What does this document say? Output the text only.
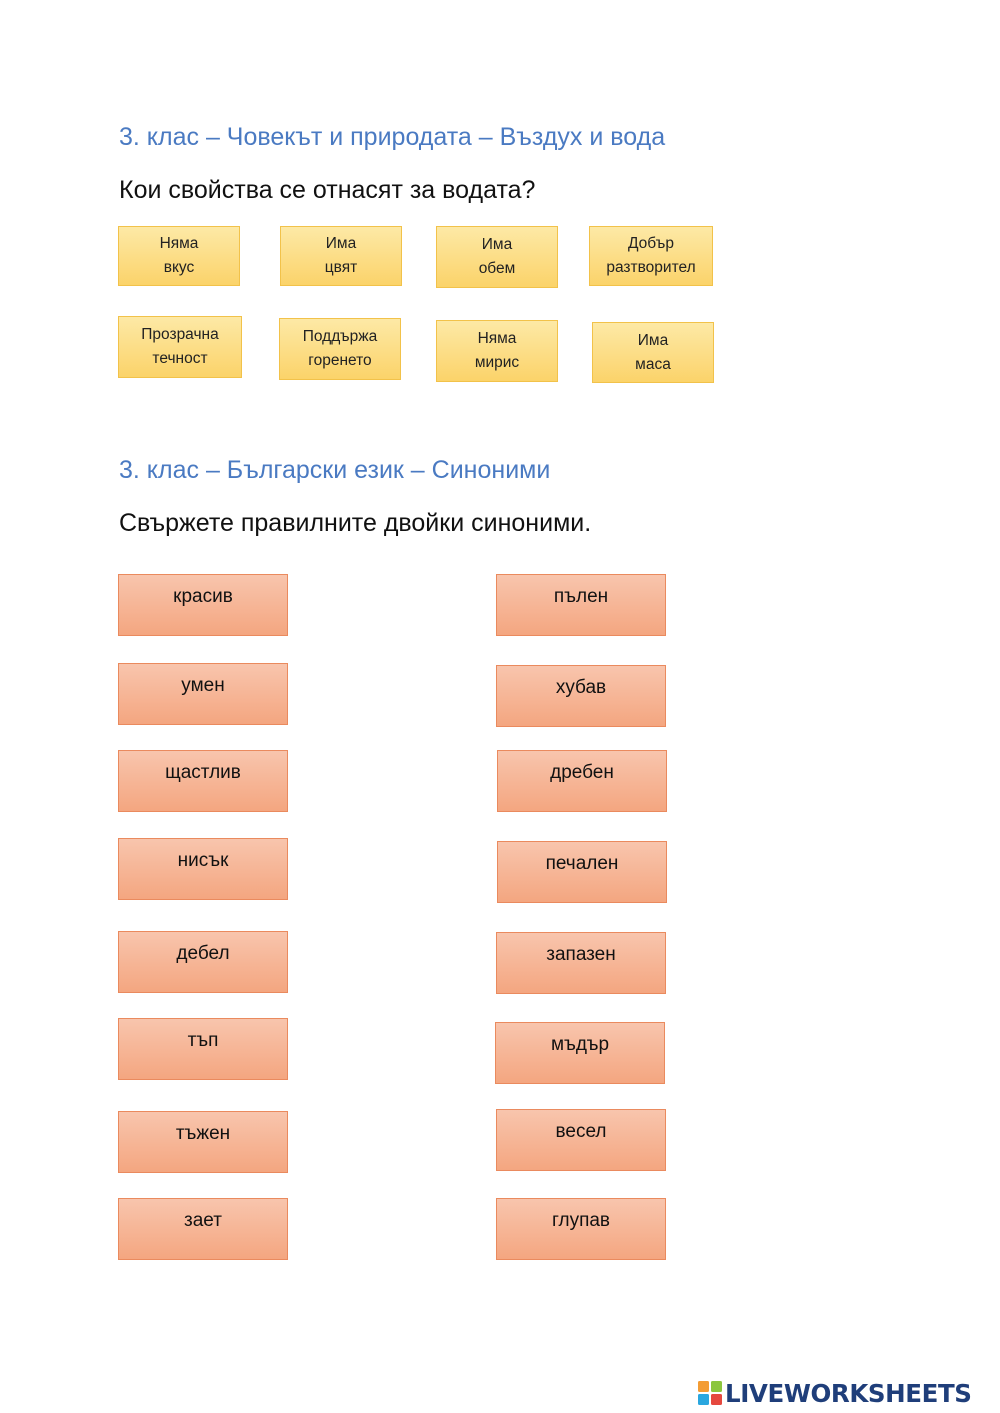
3. клас – Човекът и природата – Въздух и вода

Кои свойства се отнасят за водата?

Няма
вкус
Има
цвят
Има
обем
Добър
разтворител
Прозрачна
течност
Поддържа
горенето
Няма
мирис
Има
маса
3. клас – Български език – Синоними

Свържете правилните двойки синоними.

красив
умен
щастлив
нисък
дебел
тъп
тъжен
зает
пълен
хубав
дребен
печален
запазен
мъдър
весел
глупав
LIVEWORKSHEETS
